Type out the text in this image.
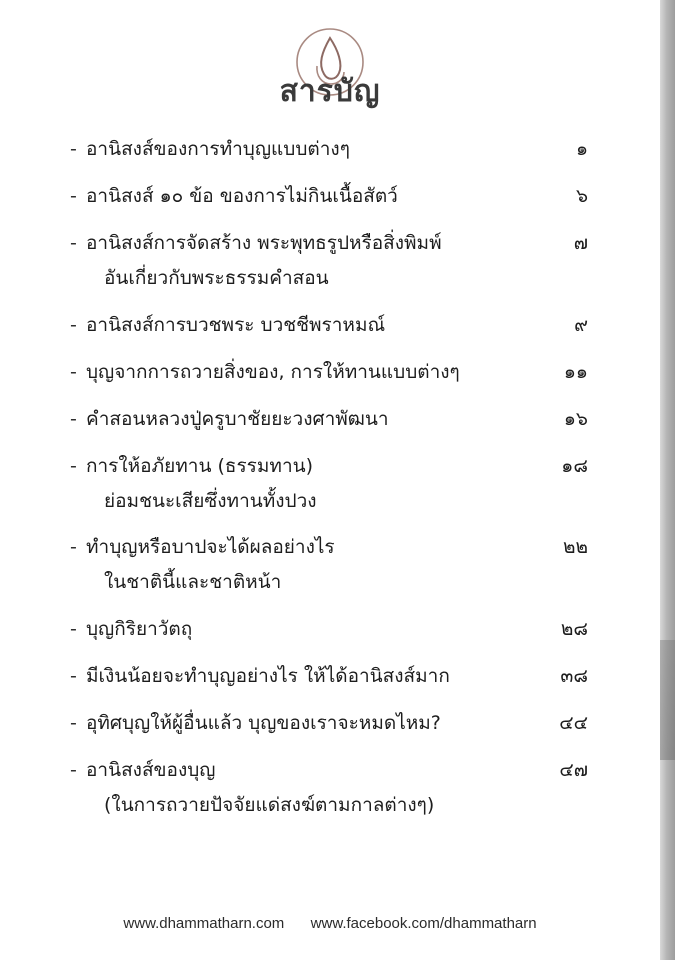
สารบัญ
- อานิสงส์ของการทำบุญแบบต่างๆ	๑
- อานิสงส์ ๑๐ ข้อ ของการไม่กินเนื้อสัตว์	๖
- อานิสงส์การจัดสร้าง พระพุทธรูปหรือสิ่งพิมพ์	๗
อันเกี่ยวกับพระธรรมคำสอน
- อานิสงส์การบวชพระ บวชชีพราหมณ์	๙
- บุญจากการถวายสิ่งของ, การให้ทานแบบต่างๆ	๑๑
- คำสอนหลวงปู่ครูบาชัยยะวงศาพัฒนา	๑๖
- การให้อภัยทาน (ธรรมทาน)	๑๘
ย่อมชนะเสียซึ่งทานทั้งปวง
- ทำบุญหรือบาปจะได้ผลอย่างไร	๒๒
ในชาตินี้และชาติหน้า
- บุญกิริยาวัตถุ	๒๘
- มีเงินน้อยจะทำบุญอย่างไร ให้ได้อานิสงส์มาก	๓๘
- อุทิศบุญให้ผู้อื่นแล้ว บุญของเราจะหมดไหม?	๔๔
- อานิสงส์ของบุญ	๔๗
(ในการถวายปัจจัยแด่สงฆ์ตามกาลต่างๆ)
www.dhammatharn.com www.facebook.com/dhammatharn
